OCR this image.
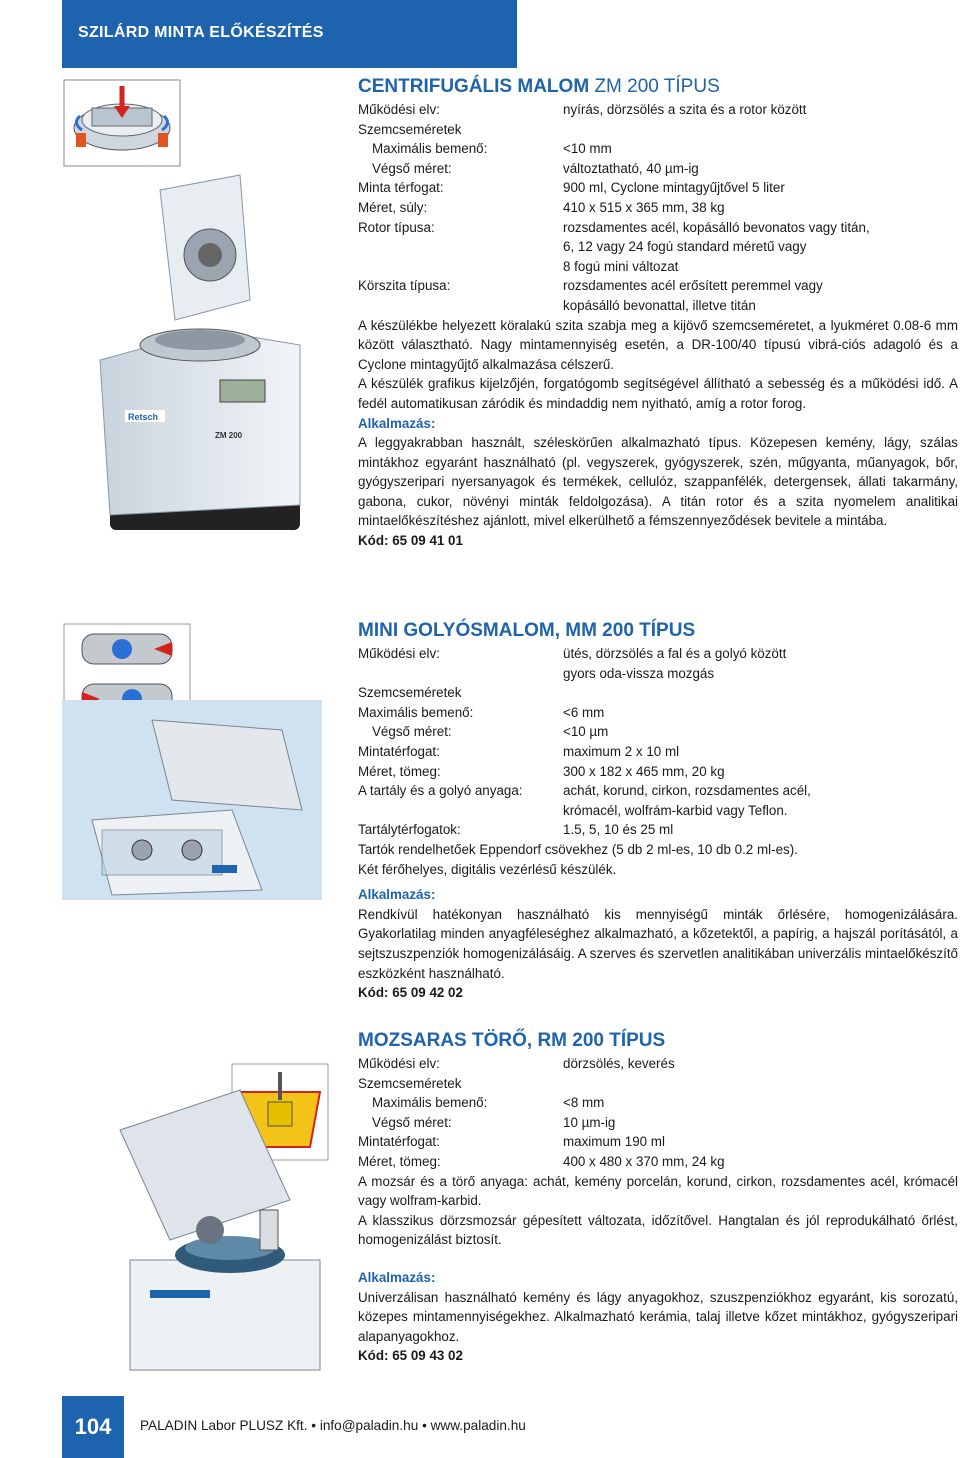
SZILÁRD MINTA ELŐKÉSZÍTÉS
Retsch
ZM 200
CENTRIFUGÁLIS MALOM ZM 200 TÍPUS
Működési elv:	nyírás, dörzsölés a szita és a rotor között
Szemcseméretek
Maximális bemenő:	<10 mm
Végső méret:	változtatható, 40 µm-ig
Minta térfogat:	900 ml, Cyclone mintagyűjtővel 5 liter
Méret, súly:	410 x 515 x 365 mm, 38 kg
Rotor típusa:	rozsdamentes acél, kopásálló bevonatos vagy titán,
6, 12 vagy 24 fogú standard méretű vagy
8 fogú mini változat
Körszita típusa:	rozsdamentes acél erősített peremmel vagy
kopásálló bevonattal, illetve titán
A készülékbe helyezett köralakú szita szabja meg a kijövő szemcseméretet, a lyukméret 0.08-6 mm között választható. Nagy mintamennyiség esetén, a DR-100/40 típusú vibrá-ciós adagoló és a Cyclone mintagyűjtő alkalmazása célszerű.
A készülék grafikus kijelzőjén, forgatógomb segítségével állítható a sebesség és a működési idő. A fedél automatikusan záródik és mindaddig nem nyitható, amíg a rotor forog.
Alkalmazás:
A leggyakrabban használt, széleskörűen alkalmazható típus. Közepesen kemény, lágy, szálas mintákhoz egyaránt használható (pl. vegyszerek, gyógyszerek, szén, műgyanta, műanyagok, bőr, gyógyszeripari nyersanyagok és termékek, cellulóz, szappanfélék, detergensek, állati takarmány, gabona, cukor, növényi minták feldolgozása). A titán rotor és a szita nyomelem analitikai mintaelőkészítéshez ajánlott, mivel elkerülhető a fémszennyeződések bevitele a mintába.
Kód: 65 09 41 01
MINI GOLYÓSMALOM, MM 200 TÍPUS
Működési elv:	ütés, dörzsölés a fal és a golyó között
gyors oda-vissza mozgás
Szemcseméretek
Maximális bemenő:	<6 mm
Végső méret:	<10 µm
Mintatérfogat:	maximum 2 x 10 ml
Méret, tömeg:	300 x 182 x 465 mm, 20 kg
A tartály és a golyó anyaga:	achát, korund, cirkon, rozsdamentes acél,
krómacél, wolfrám-karbid vagy Teflon.
Tartálytérfogatok:	1.5, 5, 10 és 25 ml
Tartók rendelhetőek Eppendorf csövekhez (5 db 2 ml-es, 10 db 0.2 ml-es).
Két férőhelyes, digitális vezérlésű készülék.
Alkalmazás:
Rendkívül hatékonyan használható kis mennyiségű minták őrlésére, homogenizálására. Gyakorlatilag minden anyagféleséghez alkalmazható, a kőzetektől, a papírig, a hajszál porításától, a sejtszuszpenziók homogenizálásáig. A szerves és szervetlen analitikában univerzális mintaelőkészítő eszközként használható.
Kód: 65 09 42 02
MOZSARAS TÖRŐ, RM 200 TÍPUS
Működési elv:	dörzsölés, keverés
Szemcseméretek
Maximális bemenő:	<8 mm
Végső méret:	10 µm-ig
Mintatérfogat:	maximum 190 ml
Méret, tömeg:	400 x 480 x 370 mm, 24 kg
A mozsár és a törő anyaga: achát, kemény porcelán, korund, cirkon, rozsdamentes acél, krómacél vagy wolfram-karbid.
A klasszikus dörzsmozsár gépesített változata, időzítővel. Hangtalan és jól reprodukálható őrlést, homogenizálást biztosít.
Alkalmazás:
Univerzálisan használható kemény és lágy anyagokhoz, szuszpenziókhoz egyaránt, kis sorozatú, közepes mintamennyiségekhez. Alkalmazható kerámia, talaj illetve kőzet mintákhoz, gyógyszeripari alapanyagokhoz.
Kód: 65 09 43 02
104	PALADIN Labor PLUSZ Kft. • info@paladin.hu • www.paladin.hu
